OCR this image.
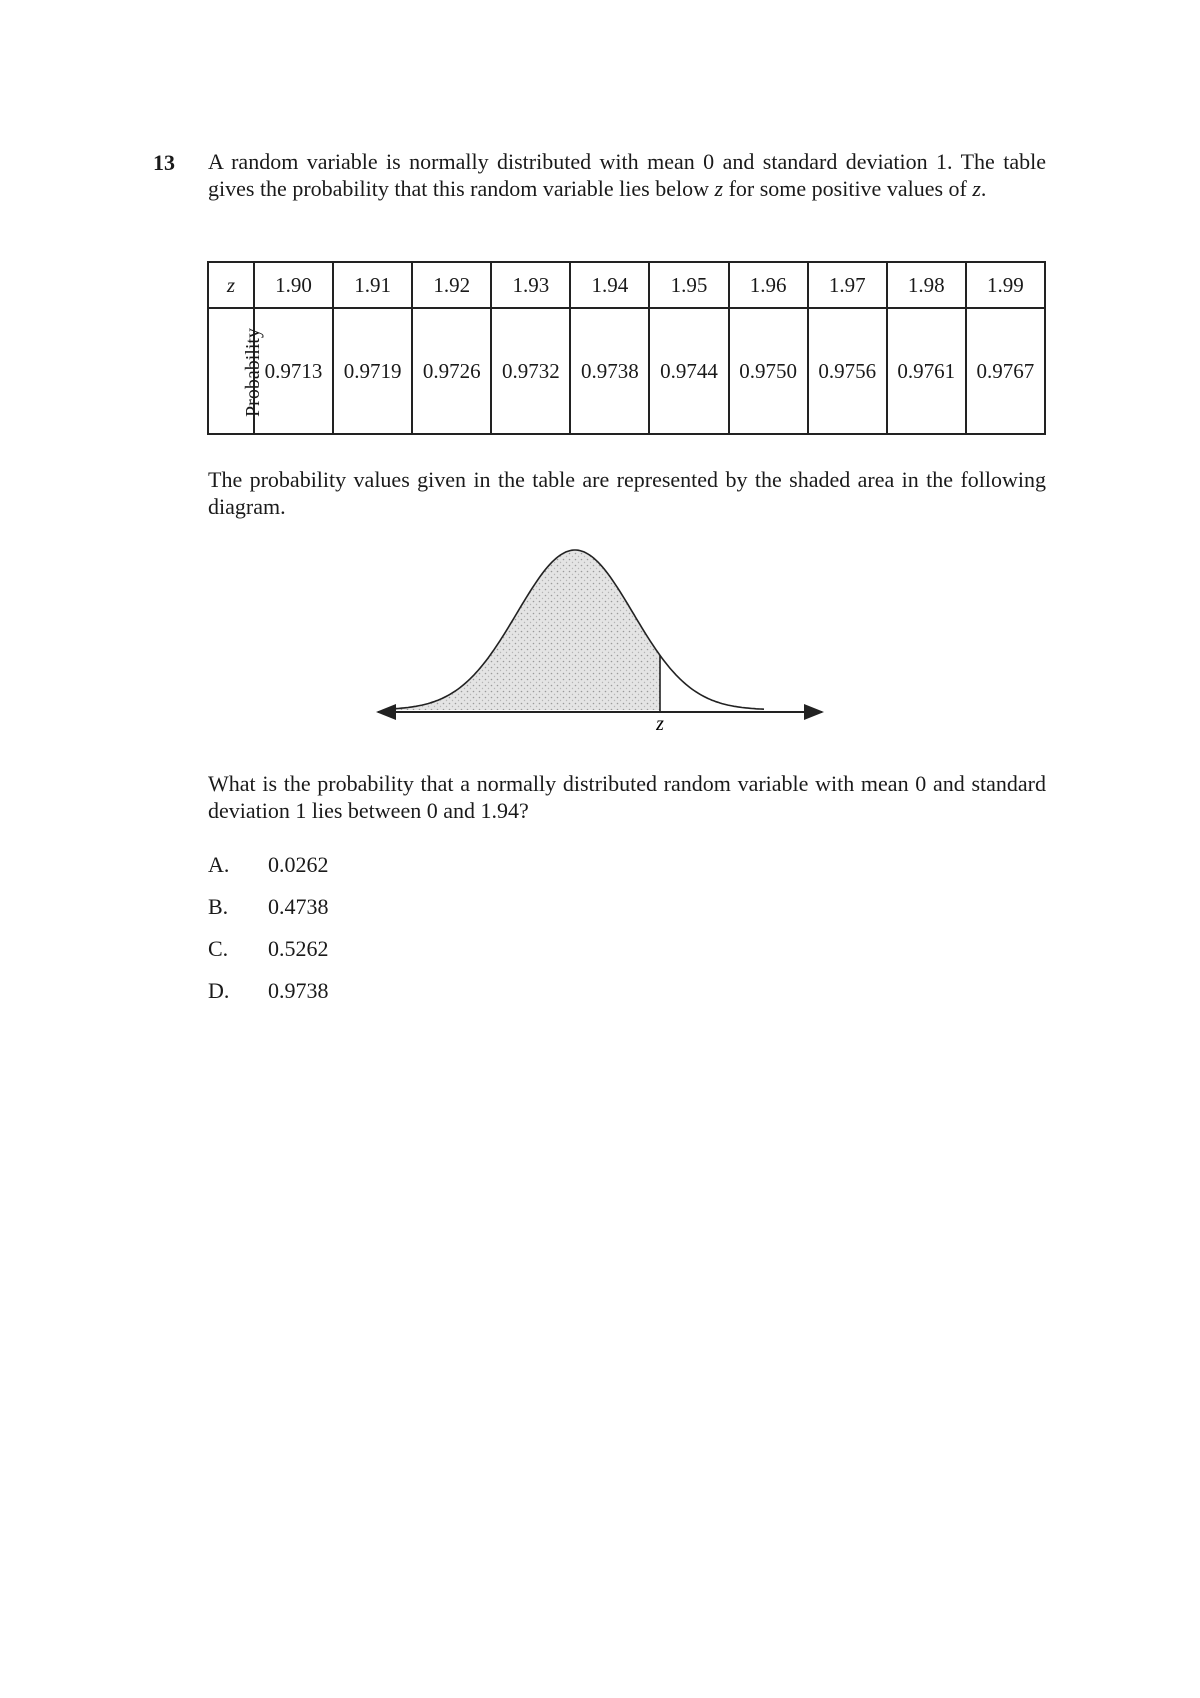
13 A random variable is normally distributed with mean 0 and standard deviation 1. The table gives the probability that this random variable lies below z for some positive values of z.
z	1.90	1.91	1.92	1.93	1.94	1.95	1.96	1.97	1.98	1.99
Probability	0.9713	0.9719	0.9726	0.9732	0.9738	0.9744	0.9750	0.9756	0.9761	0.9767
The probability values given in the table are represented by the shaded area in the following diagram.
z
What is the probability that a normally distributed random variable with mean 0 and standard deviation 1 lies between 0 and 1.94?
A. 0.0262
B. 0.4738
C. 0.5262
D. 0.9738
